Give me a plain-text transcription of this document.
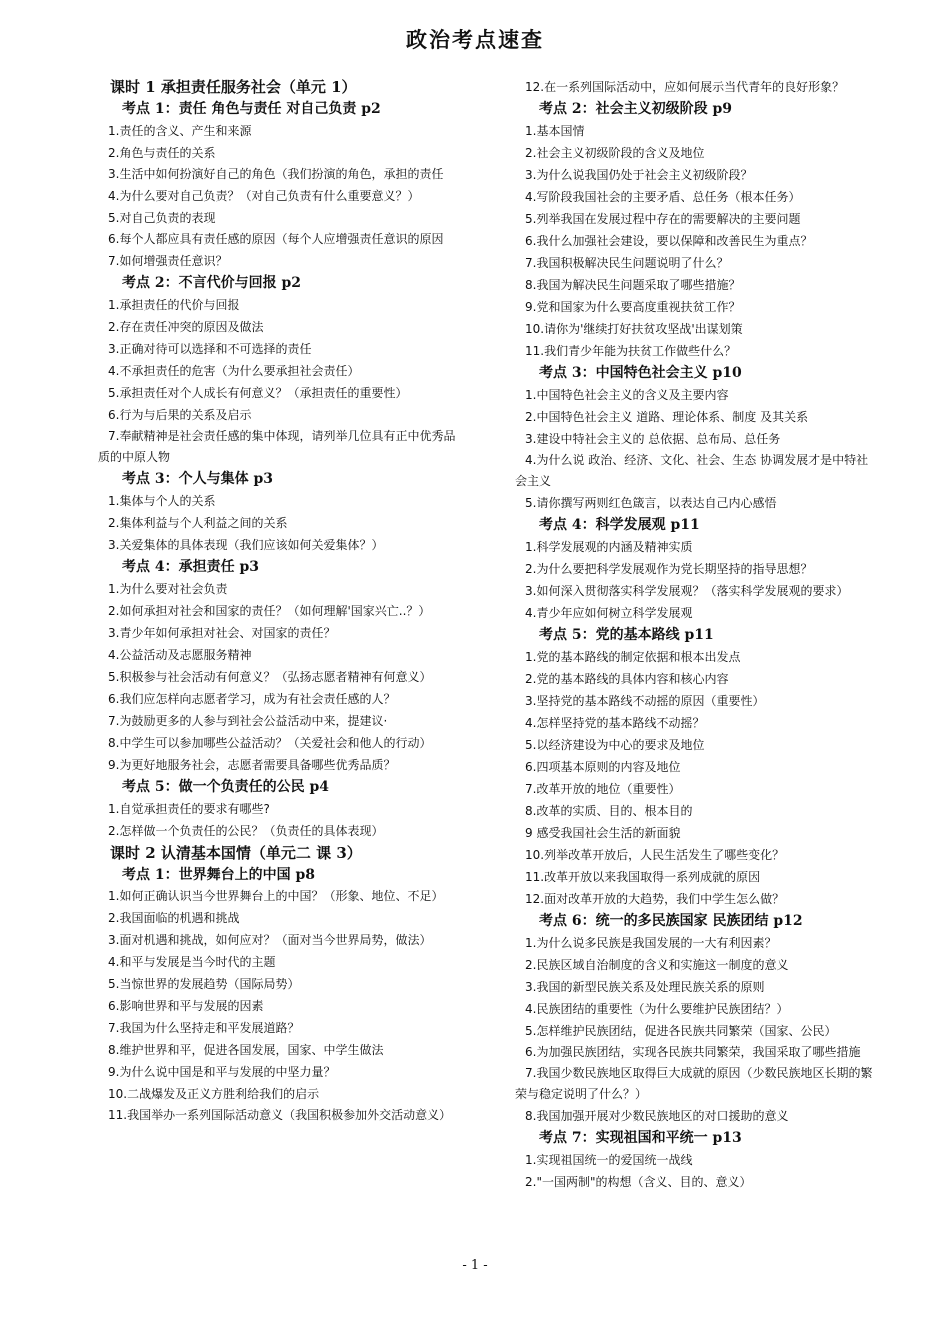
政治考点速查
课时 1 承担责任服务社会（单元 1）
考点 1：责任 角色与责任 对自己负责 p2
1.责任的含义、产生和来源
2.角色与责任的关系
3.生活中如何扮演好自己的角色（我们扮演的角色，承担的责任
4.为什么要对自己负责？（对自己负责有什么重要意义？）
5.对自己负责的表现
6.每个人都应具有责任感的原因（每个人应增强责任意识的原因
7.如何增强责任意识？
考点 2：不言代价与回报 p2
1.承担责任的代价与回报
2.存在责任冲突的原因及做法
3.正确对待可以选择和不可选择的责任
4.不承担责任的危害（为什么要承担社会责任）
5.承担责任对个人成长有何意义？（承担责任的重要性）
6.行为与后果的关系及启示
7.奉献精神是社会责任感的集中体现，请列举几位具有正中优秀品质的中原人物
考点 3：个人与集体 p3
1.集体与个人的关系
2.集体利益与个人利益之间的关系
3.关爱集体的具体表现（我们应该如何关爱集体？）
考点 4：承担责任 p3
1.为什么要对社会负责
2.如何承担对社会和国家的责任？（如何理解'国家兴亡..？）
3.青少年如何承担对社会、对国家的责任？
4.公益活动及志愿服务精神
5.积极参与社会活动有何意义？（弘扬志愿者精神有何意义）
6.我们应怎样向志愿者学习，成为有社会责任感的人？
7.为鼓励更多的人参与到社会公益活动中来，提建议·
8.中学生可以参加哪些公益活动？（关爱社会和他人的行动）
9.为更好地服务社会，志愿者需要具备哪些优秀品质？
考点 5：做一个负责任的公民 p4
1.自觉承担责任的要求有哪些?
2.怎样做一个负责任的公民？（负责任的具体表现）
课时 2 认清基本国情（单元二 课 3）
考点 1：世界舞台上的中国 p8
1.如何正确认识当今世界舞台上的中国？（形象、地位、不足）
2.我国面临的机遇和挑战
3.面对机遇和挑战，如何应对？（面对当今世界局势，做法）
4.和平与发展是当今时代的主题
5.当惊世界的发展趋势（国际局势）
6.影响世界和平与发展的因素
7.我国为什么坚持走和平发展道路？
8.维护世界和平，促进各国发展，国家、中学生做法
9.为什么说中国是和平与发展的中坚力量？
10.二战爆发及正义方胜利给我们的启示
11.我国举办一系列国际活动意义（我国积极参加外交活动意义）
12.在一系列国际活动中，应如何展示当代青年的良好形象？
考点 2：社会主义初级阶段 p9
1.基本国情
2.社会主义初级阶段的含义及地位
3.为什么说我国仍处于社会主义初级阶段？
4.写阶段我国社会的主要矛盾、总任务（根本任务）
5.列举我国在发展过程中存在的需要解决的主要问题
6.我什么加强社会建设，要以保障和改善民生为重点？
7.我国积极解决民生问题说明了什么？
8.我国为解决民生问题采取了哪些措施？
9.党和国家为什么要高度重视扶贫工作？
10.请你为'继续打好扶贫攻坚战'出谋划策
11.我们青少年能为扶贫工作做些什么？
考点 3：中国特色社会主义 p10
1.中国特色社会主义的含义及主要内容
2.中国特色社会主义 道路、理论体系、制度 及其关系
3.建设中特社会主义的 总依据、总布局、总任务
4.为什么说 政治、经济、文化、社会、生态 协调发展才是中特社会主义
5.请你撰写两则红色箴言，以表达自己内心感悟
考点 4：科学发展观 p11
1.科学发展观的内涵及精神实质
2.为什么要把科学发展观作为党长期坚持的指导思想？
3.如何深入贯彻落实科学发展观？（落实科学发展观的要求）
4.青少年应如何树立科学发展观
考点 5：党的基本路线 p11
1.党的基本路线的制定依据和根本出发点
2.党的基本路线的具体内容和核心内容
3.坚持党的基本路线不动摇的原因（重要性）
4.怎样坚持党的基本路线不动摇？
5.以经济建设为中心的要求及地位
6.四项基本原则的内容及地位
7.改革开放的地位（重要性）
8.改革的实质、目的、根本目的
9 感受我国社会生活的新面貌
10.列举改革开放后，人民生活发生了哪些变化？
11.改革开放以来我国取得一系列成就的原因
12.面对改革开放的大趋势，我们中学生怎么做？
考点 6：统一的多民族国家 民族团结 p12
1.为什么说多民族是我国发展的一大有利因素？
2.民族区域自治制度的含义和实施这一制度的意义
3.我国的新型民族关系及处理民族关系的原则
4.民族团结的重要性（为什么要维护民族团结？）
5.怎样维护民族团结，促进各民族共同繁荣（国家、公民）
6.为加强民族团结，实现各民族共同繁荣，我国采取了哪些措施
7.我国少数民族地区取得巨大成就的原因（少数民族地区长期的繁荣与稳定说明了什么？）
8.我国加强开展对少数民族地区的对口援助的意义
考点 7：实现祖国和平统一 p13
1.实现祖国统一的爱国统一战线
2."一国两制"的构想（含义、目的、意义）
- 1 -
